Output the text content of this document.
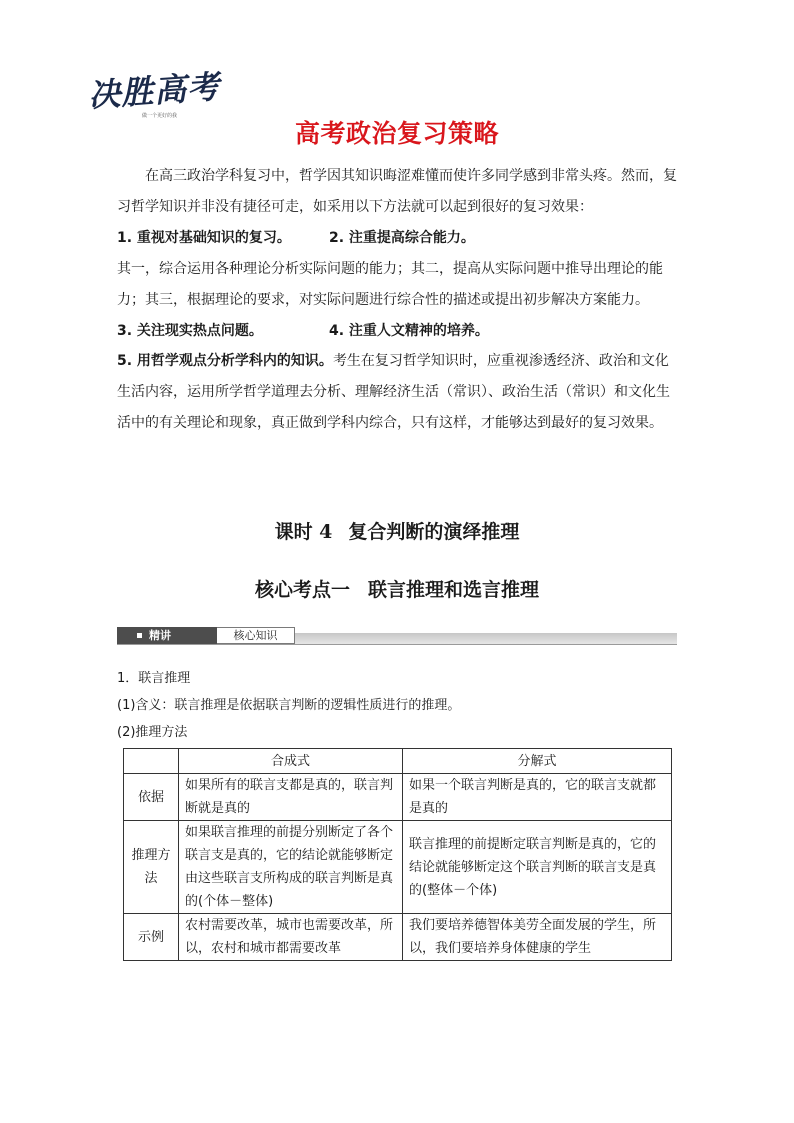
决胜高考
做一个更好的我
高考政治复习策略

在高三政治学科复习中，哲学因其知识晦涩难懂而使许多同学感到非常头疼。然而，复习哲学知识并非没有捷径可走，如采用以下方法就可以起到很好的复习效果：

1. 重视对基础知识的复习。	2. 注重提高综合能力。

其一，综合运用各种理论分析实际问题的能力；其二，提高从实际问题中推导出理论的能力；其三，根据理论的要求，对实际问题进行综合性的描述或提出初步解决方案能力。

3. 关注现实热点问题。	4. 注重人文精神的培养。

5. 用哲学观点分析学科内的知识。考生在复习哲学知识时，应重视渗透经济、政治和文化生活内容，运用所学哲学道理去分析、理解经济生活（常识）、政治生活（常识）和文化生活中的有关理论和现象，真正做到学科内综合，只有这样，才能够达到最好的复习效果。

课时 4 复合判断的演绎推理
核心考点一 联言推理和选言推理
精讲	核心知识

1．联言推理

(1)含义：联言推理是依据联言判断的逻辑性质进行的推理。

(2)推理方法

	合成式	分解式
依据	如果所有的联言支都是真的，联言判断就是真的	如果一个联言判断是真的，它的联言支就都是真的
推理方法	如果联言推理的前提分别断定了各个联言支是真的，它的结论就能够断定由这些联言支所构成的联言判断是真的(个体－整体)	联言推理的前提断定联言判断是真的，它的结论就能够断定这个联言判断的联言支是真的(整体－个体)
示例	农村需要改革，城市也需要改革，所以，农村和城市都需要改革	我们要培养德智体美劳全面发展的学生，所以，我们要培养身体健康的学生
